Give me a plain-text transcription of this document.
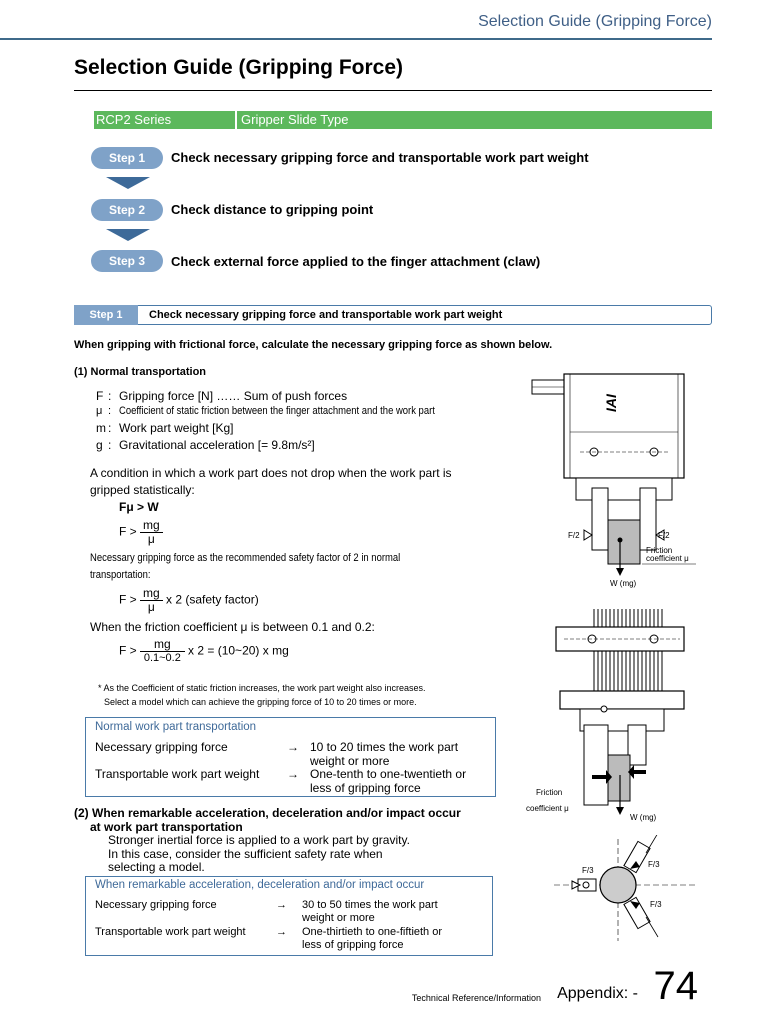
Selection Guide (Gripping Force)
Selection Guide (Gripping Force)
RCP2 Series	Gripper Slide Type
Step 1	Check necessary gripping force and transportable work part weight
Step 2	Check distance to gripping point
Step 3	Check external force applied to the finger attachment (claw)
Step 1	Check necessary gripping force and transportable work part weight
When gripping with frictional force, calculate the necessary gripping force as shown below.
(1) Normal transportation
F : Gripping force [N] …… Sum of push forces
μ : Coefficient of static friction between the finger attachment and the work part
m : Work part weight [Kg]
g : Gravitational acceleration [= 9.8m/s²]
A condition in which a work part does not drop when the work part is
gripped statistically:
Fμ > W
$F > \frac{mg}{\mu}$
Necessary gripping force as the recommended safety factor of 2 in normal
transportation:
$F > \frac{mg}{\mu}$ x 2 (safety factor)
When the friction coefficient μ is between 0.1 and 0.2:
$F > \frac{mg}{0.1\sim 0.2}$ x 2 = (10~20) x mg
* As the Coefficient of static friction increases, the work part weight also increases.
Select a model which can achieve the gripping force of 10 to 20 times or more.
Normal work part transportation
Necessary gripping force	→ 10 to 20 times the work part
weight or more
Transportable work part weight → One-tenth to one-twentieth or
less of gripping force
(2) When remarkable acceleration, deceleration and/or impact occur
at work part transportation
Stronger inertial force is applied to a work part by gravity.
In this case, consider the sufficient safety rate when
selecting a model.
When remarkable acceleration, deceleration and/or impact occur
Necessary gripping force	→ 30 to 50 times the work part
weight or more
Transportable work part weight	→ One-thirtieth to one-fiftieth or
less of gripping force
IAI
F/2	F/2
Friction
coefficient μ
W (mg)
Friction
coefficient μ
W (mg)
F/3
F/3
F/3
Technical Reference/Information Appendix: - 74
